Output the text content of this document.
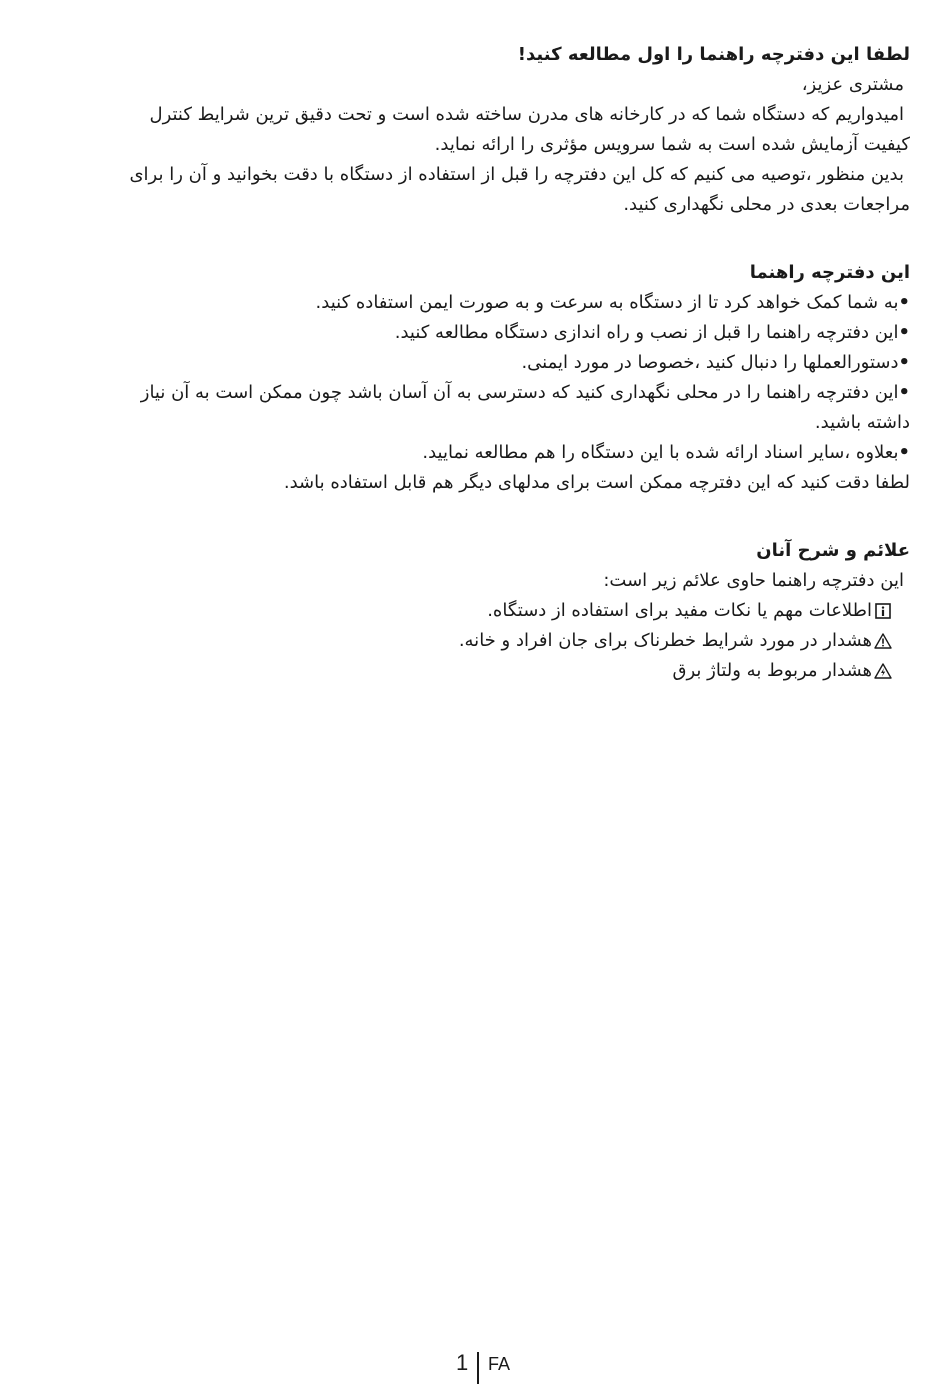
لطفا این دفترچه راهنما را اول مطالعه کنید!

مشتری عزیز،

امیدواریم که دستگاه شما که در کارخانه های مدرن ساخته شده است و تحت دقیق ترین شرایط کنترل

کیفیت آزمایش شده است به شما سرویس مؤثری را ارائه نماید.

بدین منظور ،توصیه می کنیم که کل این دفترچه را قبل از استفاده از دستگاه با دقت بخوانید و آن را برای

مراجعات بعدی در محلی نگهداری کنید.

این دفترچه راهنما

•به شما کمک خواهد کرد تا از دستگاه به سرعت و به صورت ایمن استفاده کنید.

•این دفترچه راهنما را قبل از نصب و راه اندازی دستگاه مطالعه کنید.

•دستورالعملها را دنبال کنید ،خصوصا در مورد ایمنی.

•این دفترچه راهنما را در محلی نگهداری کنید که دسترسی به آن آسان باشد چون ممکن است به آن نیاز

داشته باشید.

•بعلاوه ،سایر اسناد ارائه شده با این دستگاه را هم مطالعه نمایید.

لطفا دقت کنید که این دفترچه ممکن است برای مدلهای دیگر هم قابل استفاده باشد.

علائم و شرح آنان

این دفترچه راهنما حاوی علائم زیر است:

اطلاعات مهم یا نکات مفید برای استفاده از دستگاه.

هشدار در مورد شرایط خطرناک برای جان افراد و خانه.

هشدار مربوط به ولتاژ برق

1 FA
